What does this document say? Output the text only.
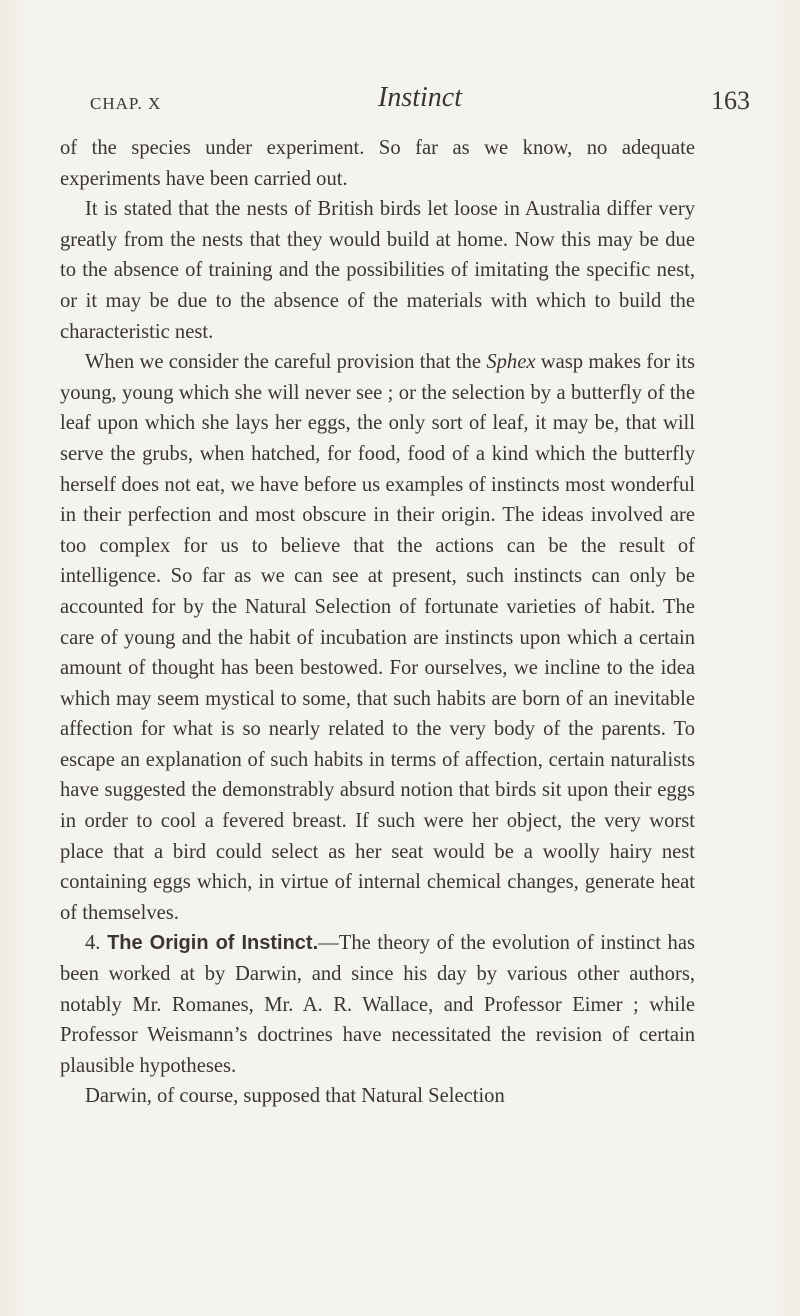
CHAP. X	Instinct	163

of the species under experiment. So far as we know, no adequate experiments have been carried out.

It is stated that the nests of British birds let loose in Australia differ very greatly from the nests that they would build at home. Now this may be due to the absence of training and the possibilities of imitating the specific nest, or it may be due to the absence of the materials with which to build the characteristic nest.

When we consider the careful provision that the Sphex wasp makes for its young, young which she will never see ; or the selection by a butterfly of the leaf upon which she lays her eggs, the only sort of leaf, it may be, that will serve the grubs, when hatched, for food, food of a kind which the butterfly herself does not eat, we have before us examples of instincts most wonderful in their perfection and most obscure in their origin. The ideas involved are too complex for us to believe that the actions can be the result of intelligence. So far as we can see at present, such instincts can only be accounted for by the Natural Selection of fortunate varieties of habit. The care of young and the habit of incubation are instincts upon which a certain amount of thought has been bestowed. For ourselves, we incline to the idea which may seem mystical to some, that such habits are born of an inevitable affection for what is so nearly related to the very body of the parents. To escape an explanation of such habits in terms of affection, certain naturalists have suggested the demonstrably absurd notion that birds sit upon their eggs in order to cool a fevered breast. If such were her object, the very worst place that a bird could select as her seat would be a woolly hairy nest containing eggs which, in virtue of internal chemical changes, generate heat of themselves.

4. The Origin of Instinct.—The theory of the evolution of instinct has been worked at by Darwin, and since his day by various other authors, notably Mr. Romanes, Mr. A. R. Wallace, and Professor Eimer ; while Professor Weismann’s doctrines have necessitated the revision of certain plausible hypotheses.

Darwin, of course, supposed that Natural Selection
